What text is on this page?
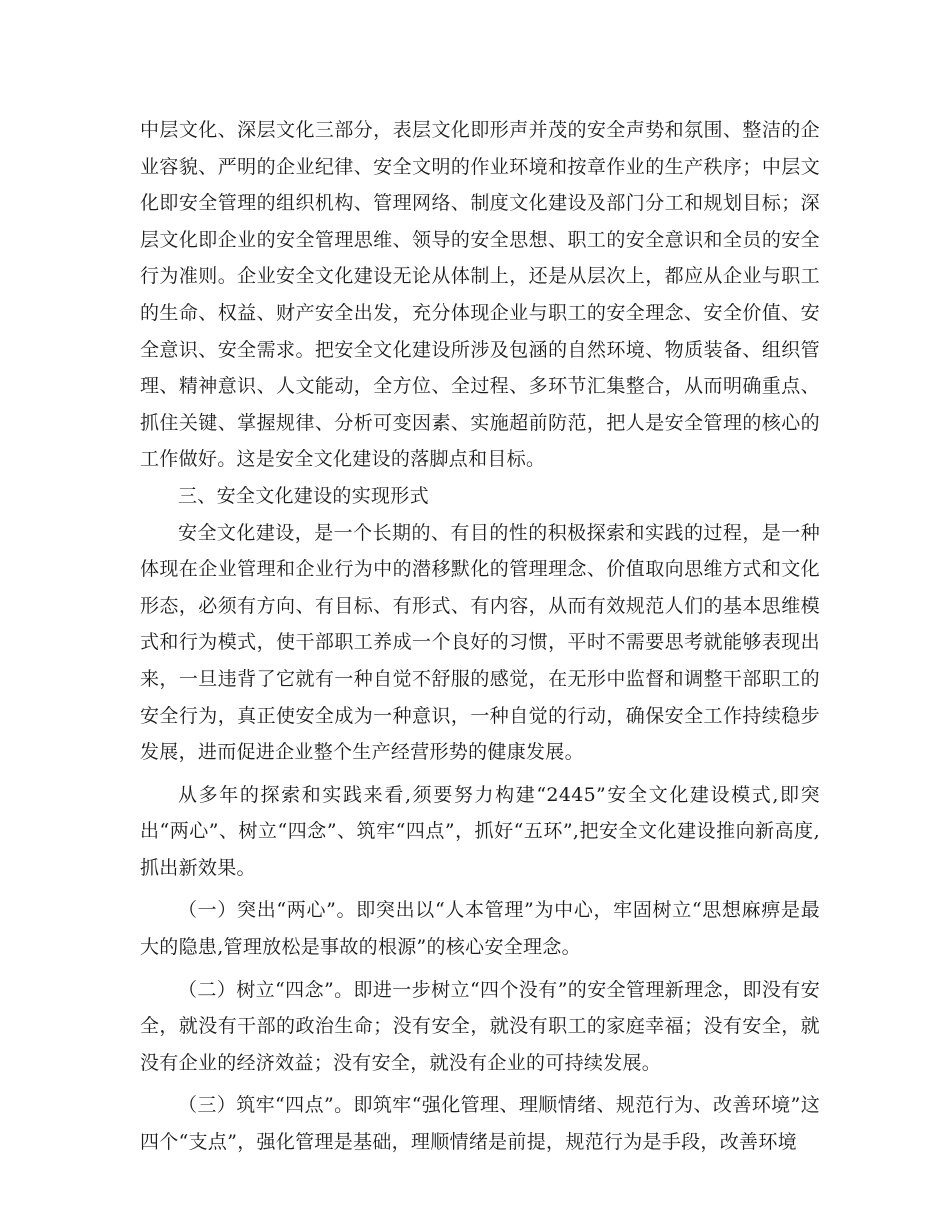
中层文化、深层文化三部分，表层文化即形声并茂的安全声势和氛围、整洁的企业容貌、严明的企业纪律、安全文明的作业环境和按章作业的生产秩序；中层文化即安全管理的组织机构、管理网络、制度文化建设及部门分工和规划目标；深层文化即企业的安全管理思维、领导的安全思想、职工的安全意识和全员的安全行为准则。企业安全文化建设无论从体制上，还是从层次上，都应从企业与职工的生命、权益、财产安全出发，充分体现企业与职工的安全理念、安全价值、安全意识、安全需求。把安全文化建设所涉及包涵的自然环境、物质装备、组织管理、精神意识、人文能动，全方位、全过程、多环节汇集整合，从而明确重点、抓住关键、掌握规律、分析可变因素、实施超前防范，把人是安全管理的核心的工作做好。这是安全文化建设的落脚点和目标。

三、安全文化建设的实现形式

安全文化建设，是一个长期的、有目的性的积极探索和实践的过程，是一种体现在企业管理和企业行为中的潜移默化的管理理念、价值取向思维方式和文化形态，必须有方向、有目标、有形式、有内容，从而有效规范人们的基本思维模式和行为模式，使干部职工养成一个良好的习惯，平时不需要思考就能够表现出来，一旦违背了它就有一种自觉不舒服的感觉，在无形中监督和调整干部职工的安全行为，真正使安全成为一种意识，一种自觉的行动，确保安全工作持续稳步发展，进而促进企业整个生产经营形势的健康发展。

从多年的探索和实践来看,须要努力构建“2445”安全文化建设模式,即突出“两心”、树立“四念”、筑牢“四点”，抓好“五环”,把安全文化建设推向新高度,抓出新效果。

（一）突出“两心”。即突出以“人本管理”为中心，牢固树立“思想麻痹是最大的隐患,管理放松是事故的根源”的核心安全理念。

（二）树立“四念”。即进一步树立“四个没有”的安全管理新理念，即没有安全，就没有干部的政治生命；没有安全，就没有职工的家庭幸福；没有安全，就没有企业的经济效益；没有安全，就没有企业的可持续发展。

（三）筑牢“四点”。即筑牢“强化管理、理顺情绪、规范行为、改善环境”这四个“支点”，强化管理是基础，理顺情绪是前提，规范行为是手段，改善环境
